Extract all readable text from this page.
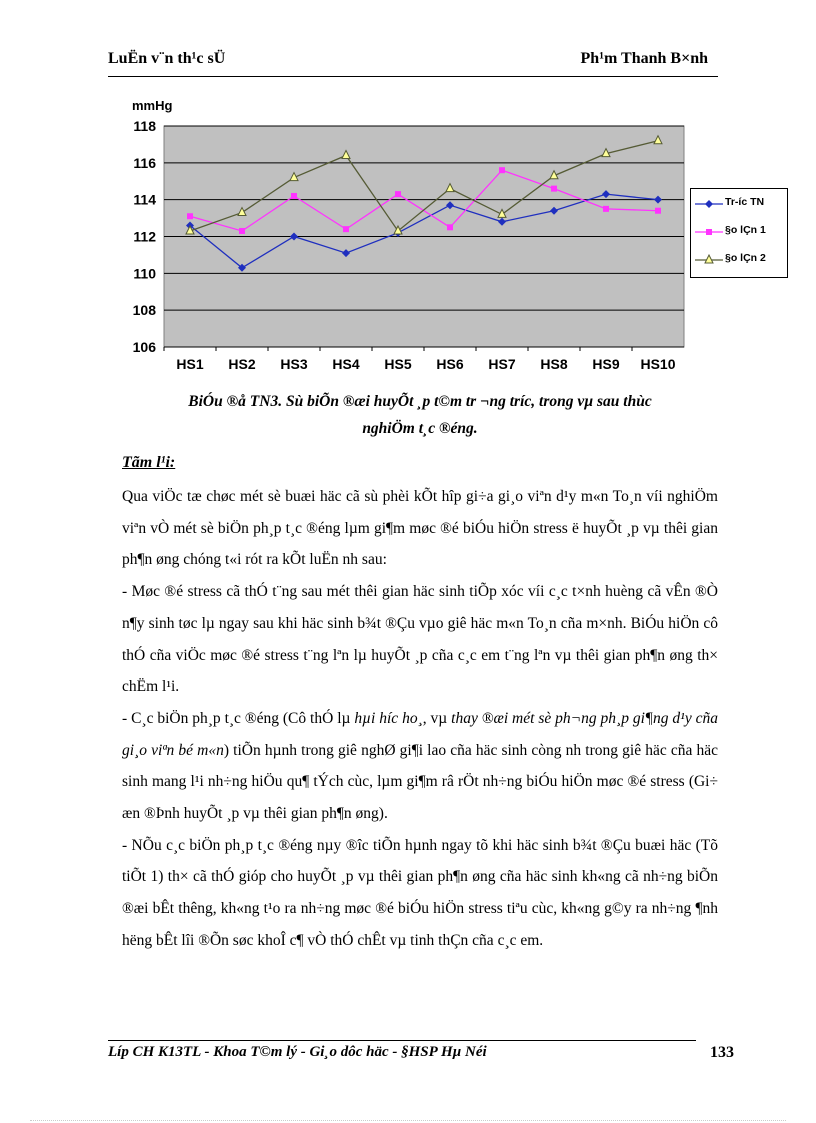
LuËn v¨n th¹c sÜ	Ph¹m Thanh B×nh
118
116
114
112
110
108
106
mmHg
HS1 HS2 HS3 HS4 HS5 HS6 HS7 HS8 HS9 HS10
Tr-íc TN
§o lÇn 1
§o lÇn 2
BiÓu ®å TN3. Sù biÕn ®æi huyÕt ¸p t©m tr ¬ng tríc, trong vµ sau thùc
nghiÖm t¸c ®éng.
Tãm l¹i:

Qua viÖc tæ chøc mét sè buæi häc cã sù phèi kÕt hîp gi÷a gi¸o viªn d¹y m«n To¸n víi nghiÖm viªn vÒ mét sè biÖn ph¸p t¸c ®éng lµm gi¶m møc ®é biÓu hiÖn stress ë huyÕt ¸p vµ thêi gian ph¶n øng chóng t«i rót ra kÕt luËn nh sau:

- Møc ®é stress cã thÓ t¨ng sau mét thêi gian häc sinh tiÕp xóc víi c¸c t×nh huèng cã vÊn ®Ò n¶y sinh tøc lµ ngay sau khi häc sinh b¾t ®Çu vµo giê häc m«n To¸n cña m×nh. BiÓu hiÖn cô thÓ cña viÖc møc ®é stress t¨ng lªn lµ huyÕt ¸p cña c¸c em t¨ng lªn vµ thêi gian ph¶n øng th× chËm l¹i.

- C¸c biÖn ph¸p t¸c ®éng (Cô thÓ lµ hµi híc ho¸, vµ thay ®æi mét sè ph¬ng ph¸p gi¶ng d¹y cña gi¸o viªn bé m«n) tiÕn hµnh trong giê nghØ gi¶i lao cña häc sinh còng nh trong giê häc cña häc sinh mang l¹i nh÷ng hiÖu qu¶ tÝch cùc, lµm gi¶m râ rÖt nh÷ng biÓu hiÖn møc ®é stress (Gi÷ æn ®Þnh huyÕt ¸p vµ thêi gian ph¶n øng).

- NÕu c¸c biÖn ph¸p t¸c ®éng nµy ®îc tiÕn hµnh ngay tõ khi häc sinh b¾t ®Çu buæi häc (Tõ tiÕt 1) th× cã thÓ gióp cho huyÕt ¸p vµ thêi gian ph¶n øng cña häc sinh kh«ng cã nh÷ng biÕn ®æi bÊt thêng, kh«ng t¹o ra nh÷ng møc ®é biÓu hiÖn stress tiªu cùc, kh«ng g©y ra nh÷ng ¶nh hëng bÊt lîi ®Õn søc khoÎ c¶ vÒ thÓ chÊt vµ tinh thÇn cña c¸c em.

Líp CH K13TL - Khoa T©m lý - Gi¸o dôc häc - §HSP Hµ Néi	133
